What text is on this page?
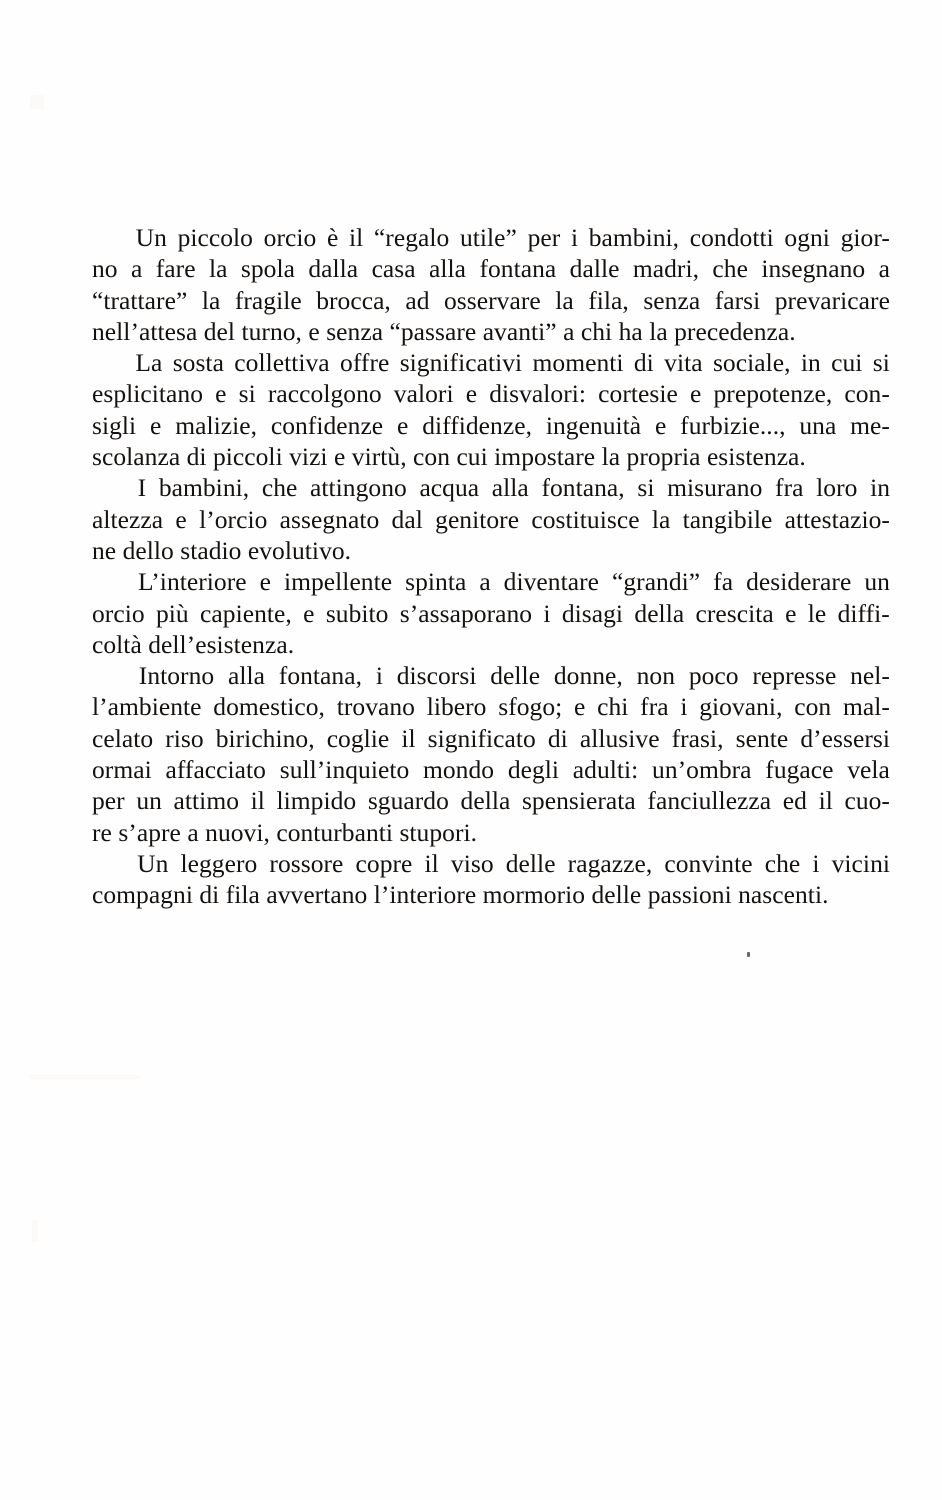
Un piccolo orcio è il “regalo utile” per i bambini, condotti ogni gior-
no a fare la spola dalla casa alla fontana dalle madri, che insegnano a
“trattare” la fragile brocca, ad osservare la fila, senza farsi prevaricare
nell’attesa del turno, e senza “passare avanti” a chi ha la precedenza.
La sosta collettiva offre significativi momenti di vita sociale, in cui si
esplicitano e si raccolgono valori e disvalori: cortesie e prepotenze, con-
sigli e malizie, confidenze e diffidenze, ingenuità e furbizie..., una me-
scolanza di piccoli vizi e virtù, con cui impostare la propria esistenza.
I bambini, che attingono acqua alla fontana, si misurano fra loro in
altezza e l’orcio assegnato dal genitore costituisce la tangibile attestazio-
ne dello stadio evolutivo.
L’interiore e impellente spinta a diventare “grandi” fa desiderare un
orcio più capiente, e subito s’assaporano i disagi della crescita e le diffi-
coltà dell’esistenza.
Intorno alla fontana, i discorsi delle donne, non poco represse nel-
l’ambiente domestico, trovano libero sfogo; e chi fra i giovani, con mal-
celato riso birichino, coglie il significato di allusive frasi, sente d’essersi
ormai affacciato sull’inquieto mondo degli adulti: un’ombra fugace vela
per un attimo il limpido sguardo della spensierata fanciullezza ed il cuo-
re s’apre a nuovi, conturbanti stupori.
Un leggero rossore copre il viso delle ragazze, convinte che i vicini
compagni di fila avvertano l’interiore mormorio delle passioni nascenti.
